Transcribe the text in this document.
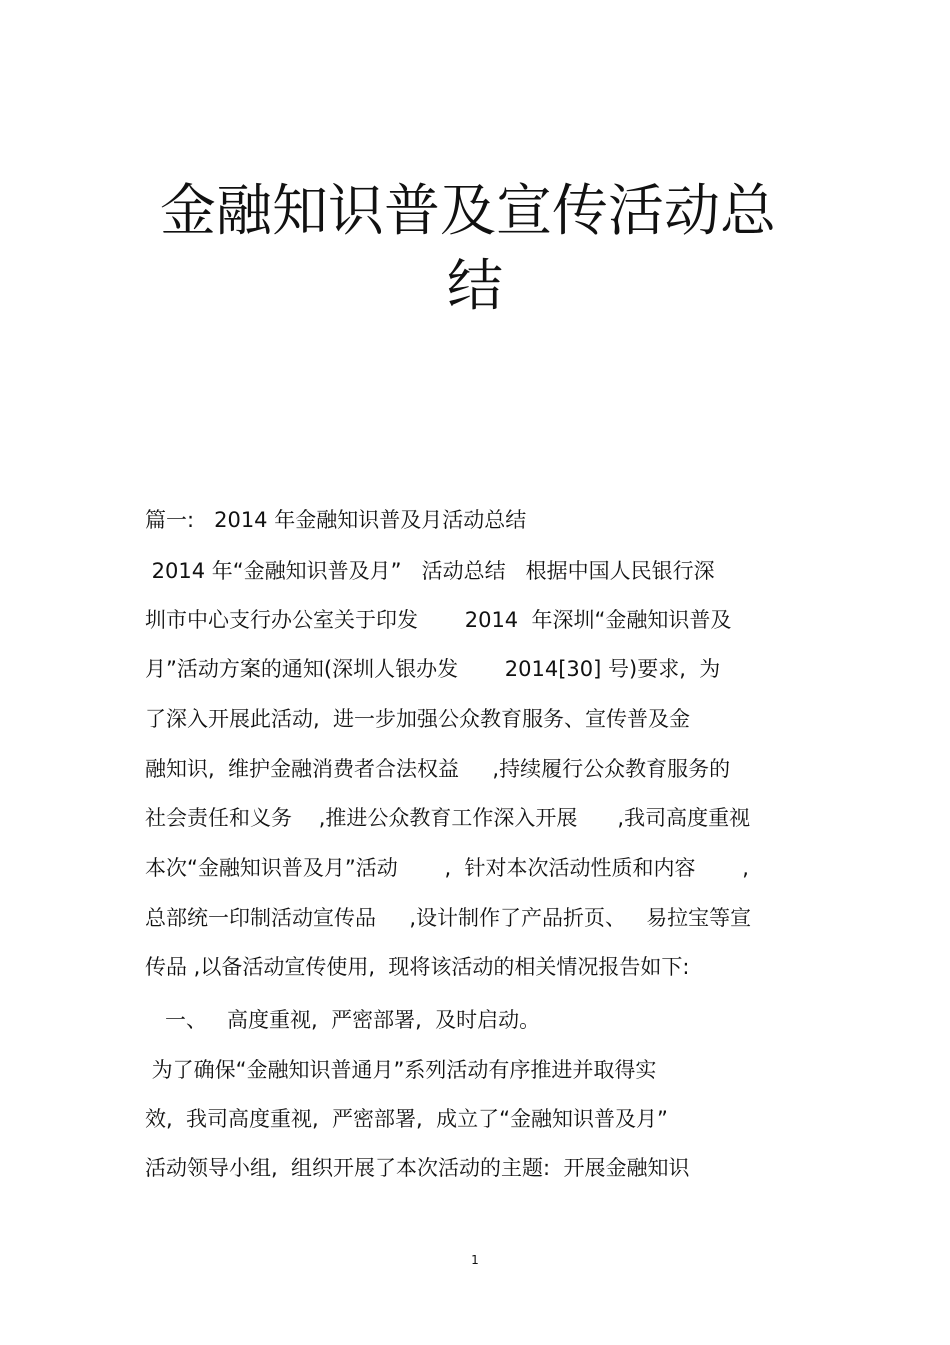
金融知识普及宣传活动总
结

篇一:   2014 年金融知识普及月活动总结

2014 年“金融知识普及月”   活动总结   根据中国人民银行深

圳市中心支行办公室关于印发       2014  年深圳“金融知识普及

月”活动方案的通知(深圳人银办发       2014[30] 号)要求,  为

了深入开展此活动,  进一步加强公众教育服务、宣传普及金

融知识,  维护金融消费者合法权益     ,持续履行公众教育服务的

社会责任和义务    ,推进公众教育工作深入开展      ,我司高度重视

本次“金融知识普及月”活动       ,  针对本次活动性质和内容       ,

总部统一印制活动宣传品     ,设计制作了产品折页、   易拉宝等宣

传品 ,以备活动宣传使用,  现将该活动的相关情况报告如下:

一、   高度重视,  严密部署,  及时启动。

为了确保“金融知识普通月”系列活动有序推进并取得实

效,  我司高度重视,  严密部署,  成立了“金融知识普及月”

活动领导小组,  组织开展了本次活动的主题:  开展金融知识

1
